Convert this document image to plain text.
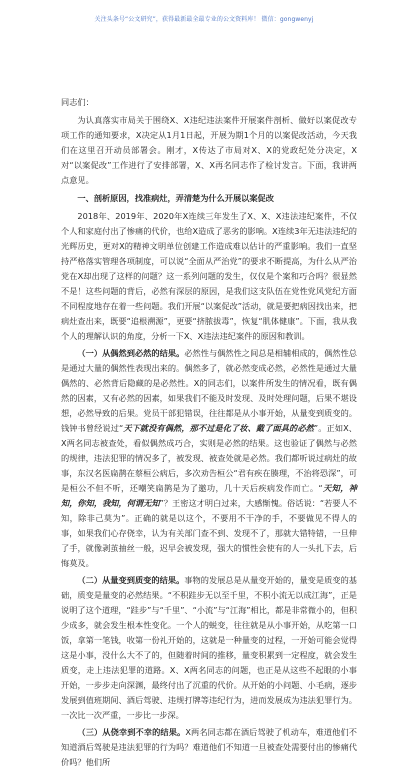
关注头条号“公文研究”，获得最新最全最专业的公文资料库！ 微信：gongwenyj

同志们：

为认真落实市局关于围绕X、X违纪违法案件开展案件剖析、做好以案促改专项工作的通知要求，X决定从1月1日起，开展为期1个月的以案促改活动，今天我们在这里召开动员部署会。刚才，X传达了市局对X、X的党政纪处分决定，X对“以案促改”工作进行了安排部署，X、X再名同志作了检讨发言。下面，我讲两点意见。

一、剖析原因，找准病灶，弄清楚为什么开展以案促改

2018年、2019年、2020年X连续三年发生了X、X、X违法违纪案件，不仅个人和家庭付出了惨痛的代价，也给X造成了恶劣的影响。X连续3年无违法违纪的光辉历史，更对X的精神文明单位创建工作造成难以估计的严重影响。我们一直坚持严格落实管理各项制度，可以说“全面从严治党”的要求不断提高，为什么从严治党在X却出现了这样的问题？这一系列问题的发生，仅仅是个案和巧合吗？很显然不是！这些问题的背后，必然有深层的原因，是我们这支队伍在党性党风党纪方面不同程度地存在着一些问题。我们开展“以案促改”活动，就是要把病因找出来，把病灶查出来，既要“追根溯源”，更要“挤脓拔毒”，恢复“肌体健康”。下面，我从我个人的理解认识的角度，分析一下X、X违法违纪案件的原因和教训。

（一）从偶然到必然的结果。必然性与偶然性之间总是相辅相成的，偶然性总是通过大量的偶然性表现出来的。偶然多了，就必然变成必然，必然性是通过大量偶然的、必然背后隐藏的是必然性。X的同志们，以案件所发生的情况看，既有偶然的因素，又有必然的因素，如果我们不能及时发现、及时处理问题，后果不堪设想，必然导致的后果。党员干部犯错误，往往都是从小事开始，从量变到质变的。钱钟书曾经说过“天下就没有偶然，那不过是化了妆、戴了面具的必然”。正如X、X两名同志被查处，看似偶然成巧合，实则是必然的结果。这也验证了偶然与必然的规律，违法犯罪的情况多了，被发现、被查处就是必然。我们都听说过病灶的故事，东汉名医扁鹊在蔡桓公病后，多次劝告桓公“君有疾在腠理，不治将恐深”，可是桓公不但不听，还嘲笑扁鹊是为了邀功，几十天后疾病发作而亡。“天知，神知，你知，我知，何谓无知”？王密这才明白过来，大感惭愧。俗话说：“若要人不知，除非己莫为”。正确的就是以这个，不要用不干净的手，不要做见不得人的事，如果我们心存侥幸，认为有关部门查不到、发现不了，那就大错特错，一旦伸了手，就像剥茧抽丝一般，迟早会被发现，强大的惯性会使有的人一头扎下去，后悔莫及。

（二）从量变到质变的结果。事物的发展总是从量变开始的，量变是质变的基础，质变是量变的必然结果。“不积跬步无以至千里，不积小流无以成江海”，正是说明了这个道理，“跬步”与“千里”、“小流”与“江海”相比，都是非常微小的，但积少成多，就会发生根本性变化。一个人的蜕变，往往就是从小事开始，从吃第一口饭，拿第一笔钱，收第一份礼开始的，这就是一种量变的过程，一开始可能会觉得这是小事，没什么大不了的，但随着时间的推移，量变积累到一定程度，就会发生质变，走上违法犯罪的道路。X、X两名同志的问题，也正是从这些不起眼的小事开始，一步步走向深渊，最终付出了沉重的代价。从开始的小问题、小毛病，逐步发展到值班期间、酒后驾驶、违规打牌等违纪行为，进而发展成为违法犯罪行为。一次比一次严重，一步比一步深。

（三）从侥幸到不幸的结果。X两名同志都在酒后驾驶了机动车，难道他们不知道酒后驾驶是违法犯罪的行为吗？难道他们不知道一旦被查处需要付出的惨痛代价吗？他们所
